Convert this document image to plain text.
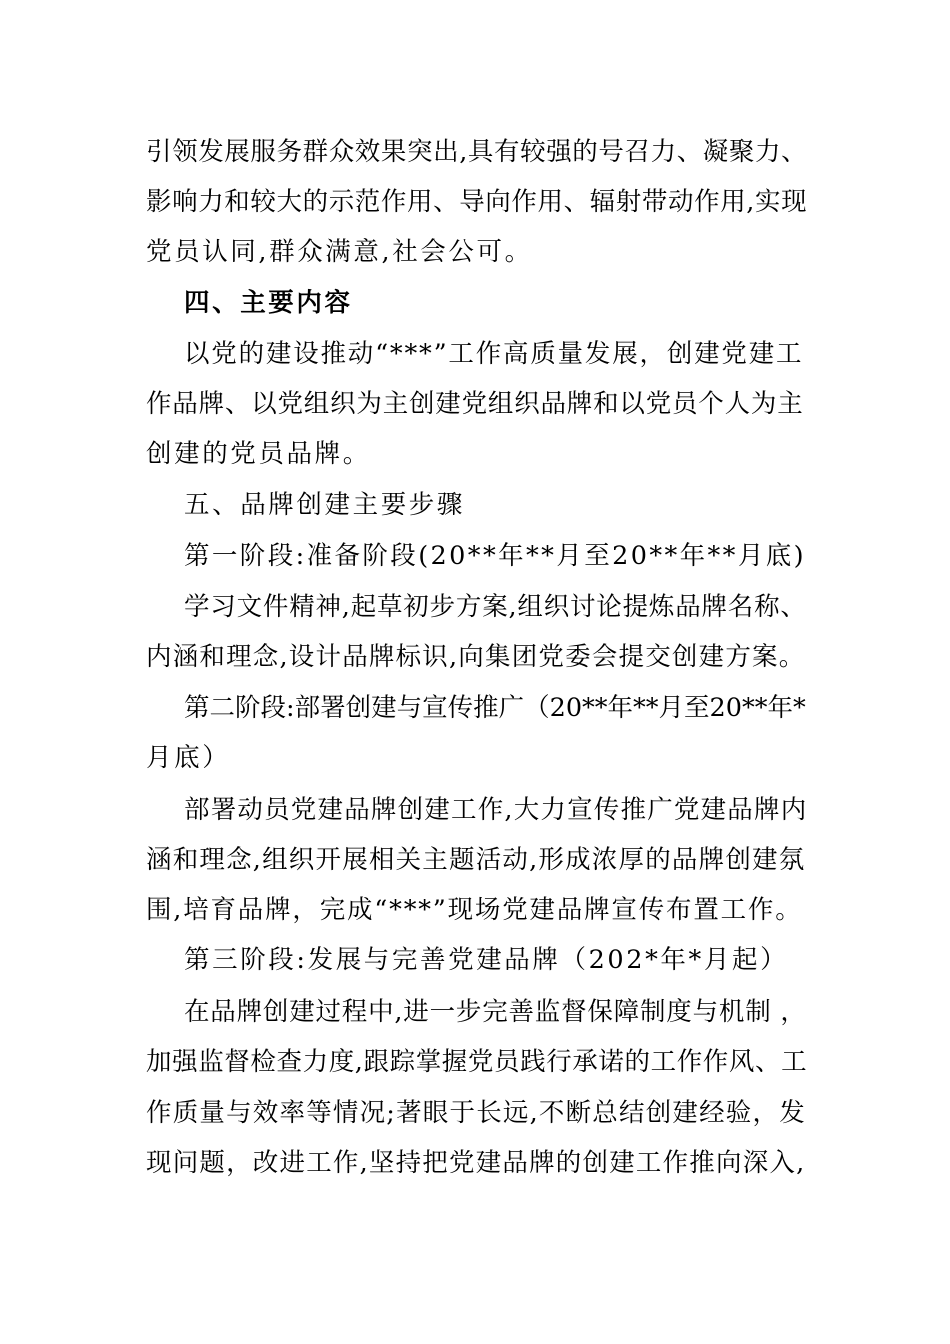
引领发展服务群众效果突出,具有较强的号召力、凝聚力、
影响力和较大的示范作用、导向作用、辐射带动作用,实现
党员认同,群众满意,社会公可。
四、主要内容
以党的建设推动“***”工作高质量发展，创建党建工
作品牌、以党组织为主创建党组织品牌和以党员个人为主
创建的党员品牌。
五、品牌创建主要步骤
第一阶段:准备阶段(20**年**月至20**年**月底)
学习文件精神,起草初步方案,组织讨论提炼品牌名称、
内涵和理念,设计品牌标识,向集团党委会提交创建方案。
第二阶段:部署创建与宣传推广（20**年**月至20**年*
月底）
部署动员党建品牌创建工作,大力宣传推广党建品牌内
涵和理念,组织开展相关主题活动,形成浓厚的品牌创建氛
围,培育品牌，完成“***”现场党建品牌宣传布置工作。
第三阶段:发展与完善党建品牌（202*年*月起）
在品牌创建过程中,进一步完善监督保障制度与机制 ，
加强监督检查力度,跟踪掌握党员践行承诺的工作作风、工
作质量与效率等情况;著眼于长远,不断总结创建经验，发
现问题，改进工作,坚持把党建品牌的创建工作推向深入,
